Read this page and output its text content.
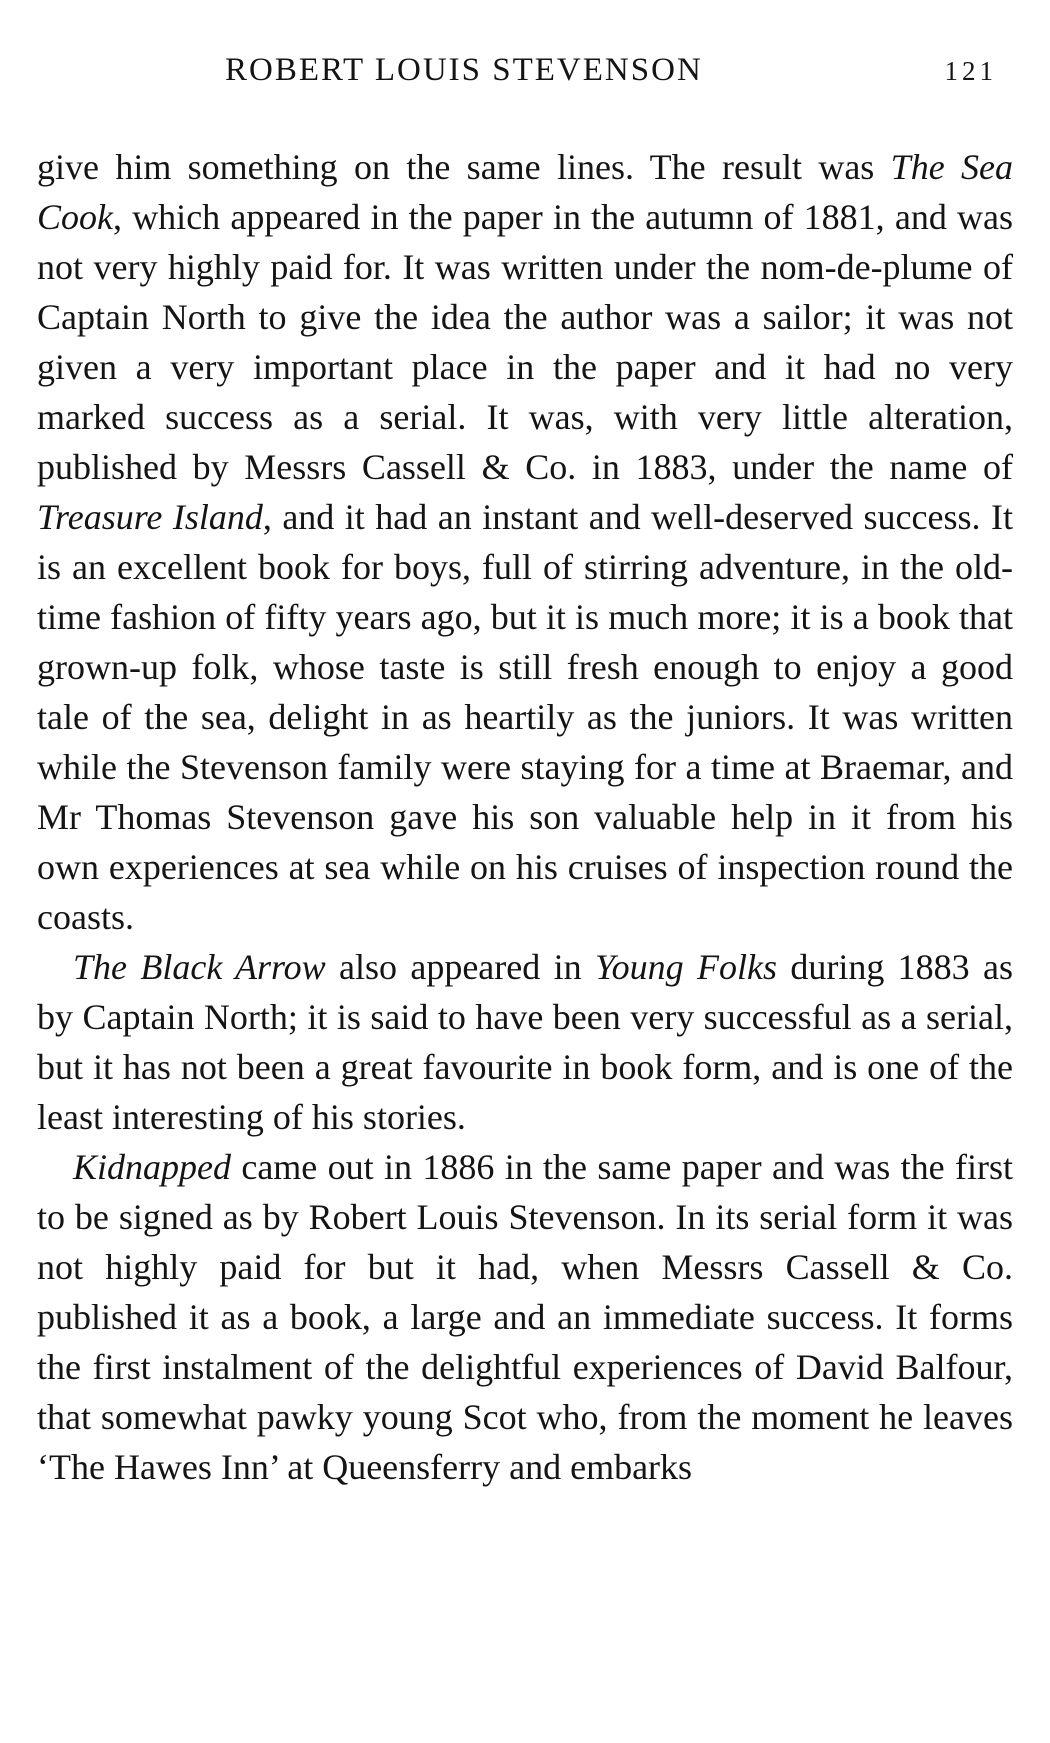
ROBERT LOUIS STEVENSON	121

give him something on the same lines. The result was The Sea Cook, which appeared in the paper in the autumn of 1881, and was not very highly paid for. It was written under the nom-de-plume of Captain North to give the idea the author was a sailor; it was not given a very important place in the paper and it had no very marked success as a serial. It was, with very little alteration, published by Messrs Cassell & Co. in 1883, under the name of Treasure Island, and it had an instant and well-deserved success. It is an excellent book for boys, full of stirring adventure, in the old-time fashion of fifty years ago, but it is much more; it is a book that grown-up folk, whose taste is still fresh enough to enjoy a good tale of the sea, delight in as heartily as the juniors. It was written while the Stevenson family were staying for a time at Braemar, and Mr Thomas Stevenson gave his son valuable help in it from his own experiences at sea while on his cruises of inspection round the coasts.

The Black Arrow also appeared in Young Folks during 1883 as by Captain North; it is said to have been very successful as a serial, but it has not been a great favourite in book form, and is one of the least interesting of his stories.

Kidnapped came out in 1886 in the same paper and was the first to be signed as by Robert Louis Stevenson. In its serial form it was not highly paid for but it had, when Messrs Cassell & Co. published it as a book, a large and an immediate success. It forms the first instalment of the delightful experiences of David Balfour, that somewhat pawky young Scot who, from the moment he leaves ‘The Hawes Inn’ at Queensferry and embarks
